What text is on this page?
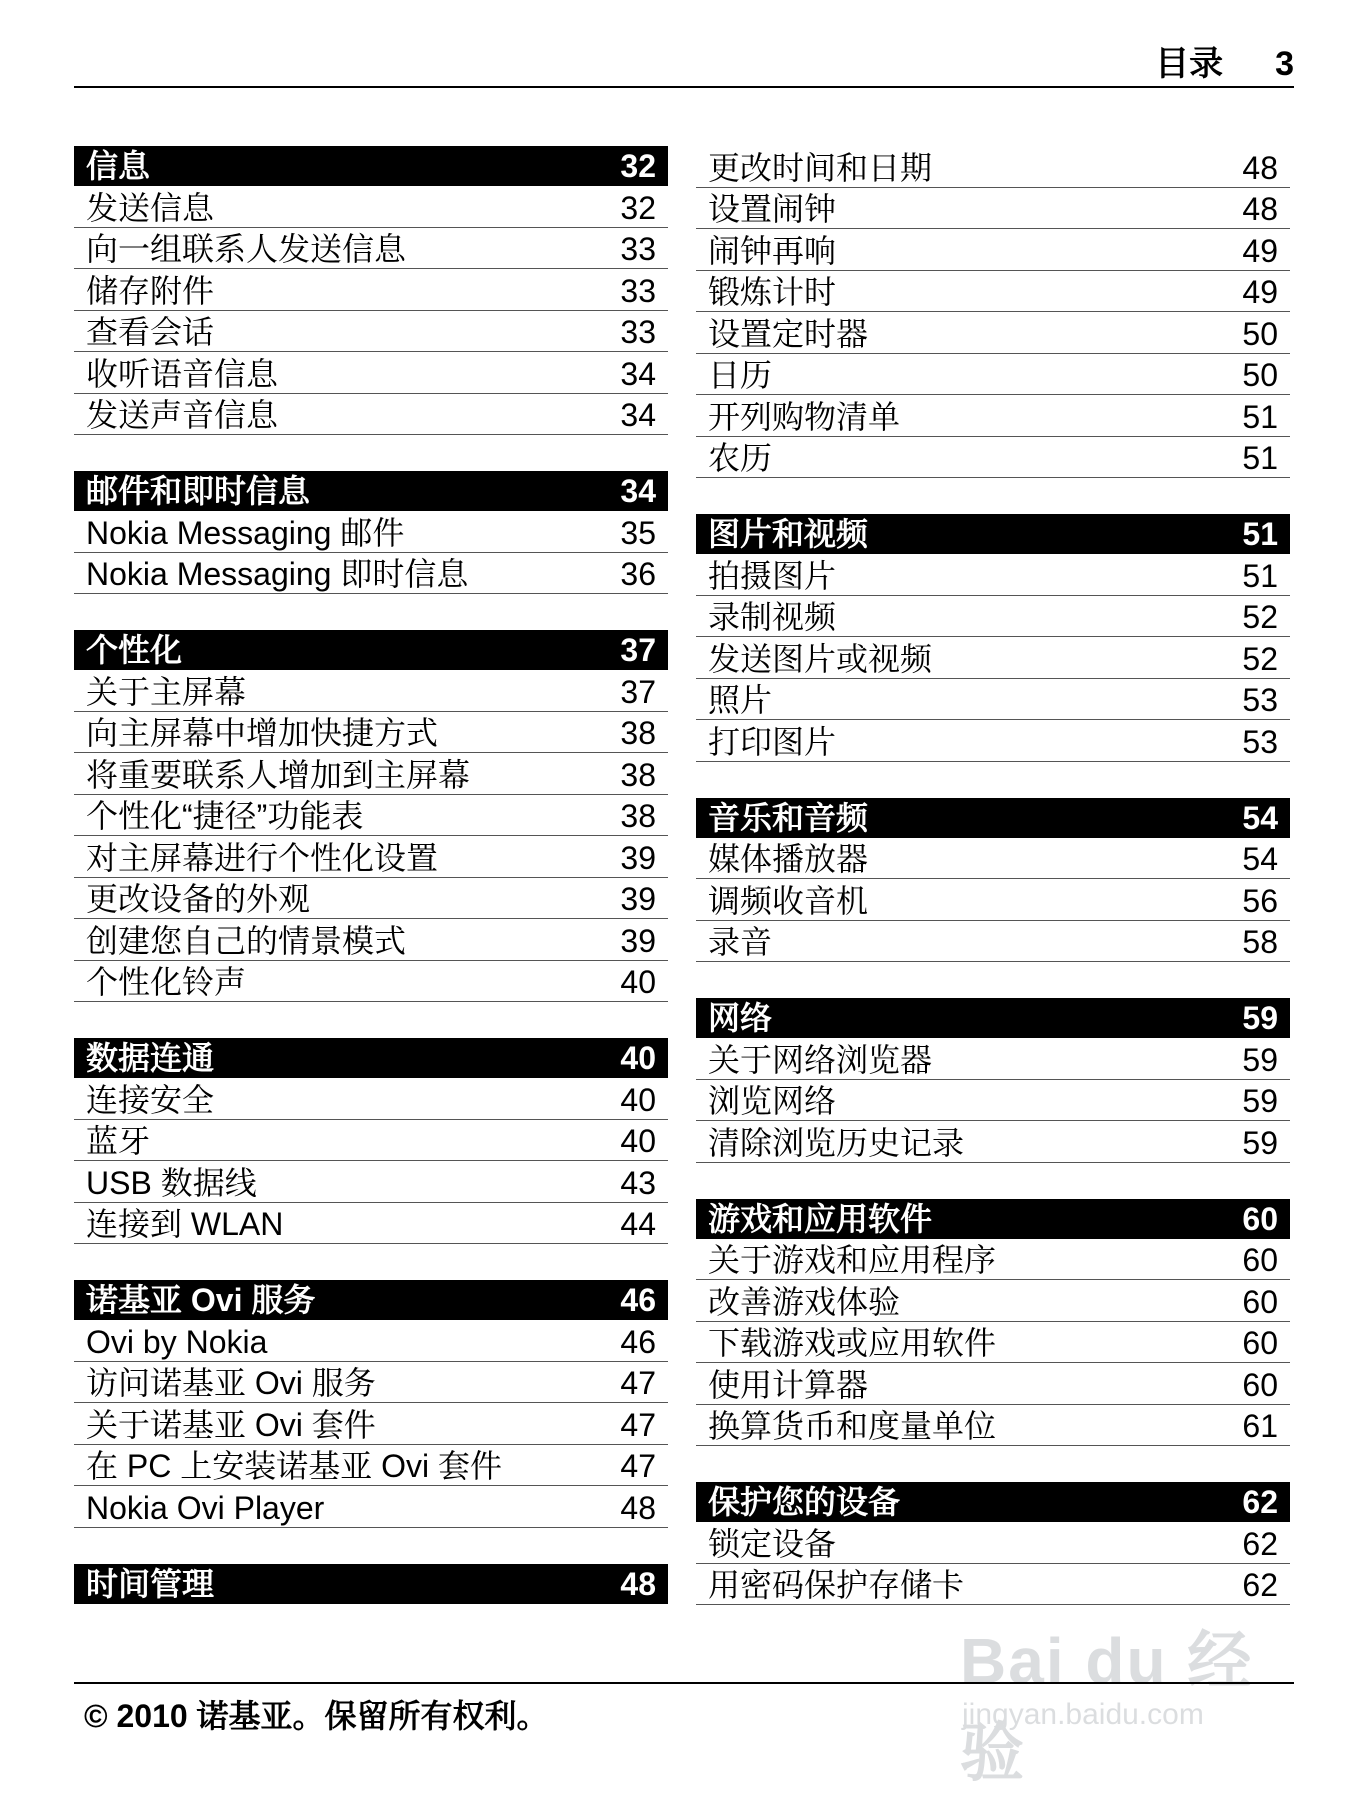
目录 3
信息	32
发送信息	32
向一组联系人发送信息	33
储存附件	33
查看会话	33
收听语音信息	34
发送声音信息	34
邮件和即时信息	34
Nokia Messaging 邮件	35
Nokia Messaging 即时信息	36
个性化	37
关于主屏幕	37
向主屏幕中增加快捷方式	38
将重要联系人增加到主屏幕	38
个性化“捷径”功能表	38
对主屏幕进行个性化设置	39
更改设备的外观	39
创建您自己的情景模式	39
个性化铃声	40
数据连通	40
连接安全	40
蓝牙	40
USB 数据线	43
连接到 WLAN	44
诺基亚 Ovi 服务	46
Ovi by Nokia	46
访问诺基亚 Ovi 服务	47
关于诺基亚 Ovi 套件	47
在 PC 上安装诺基亚 Ovi 套件	47
Nokia Ovi Player	48
时间管理	48
更改时间和日期	48
设置闹钟	48
闹钟再响	49
锻炼计时	49
设置定时器	50
日历	50
开列购物清单	51
农历	51
图片和视频	51
拍摄图片	51
录制视频	52
发送图片或视频	52
照片	53
打印图片	53
音乐和音频	54
媒体播放器	54
调频收音机	56
录音	58
网络	59
关于网络浏览器	59
浏览网络	59
清除浏览历史记录	59
游戏和应用软件	60
关于游戏和应用程序	60
改善游戏体验	60
下载游戏或应用软件	60
使用计算器	60
换算货币和度量单位	61
保护您的设备	62
锁定设备	62
用密码保护存储卡	62
Bai du 经验
jingyan.baidu.com
© 2010 诺基亚。保留所有权利。
